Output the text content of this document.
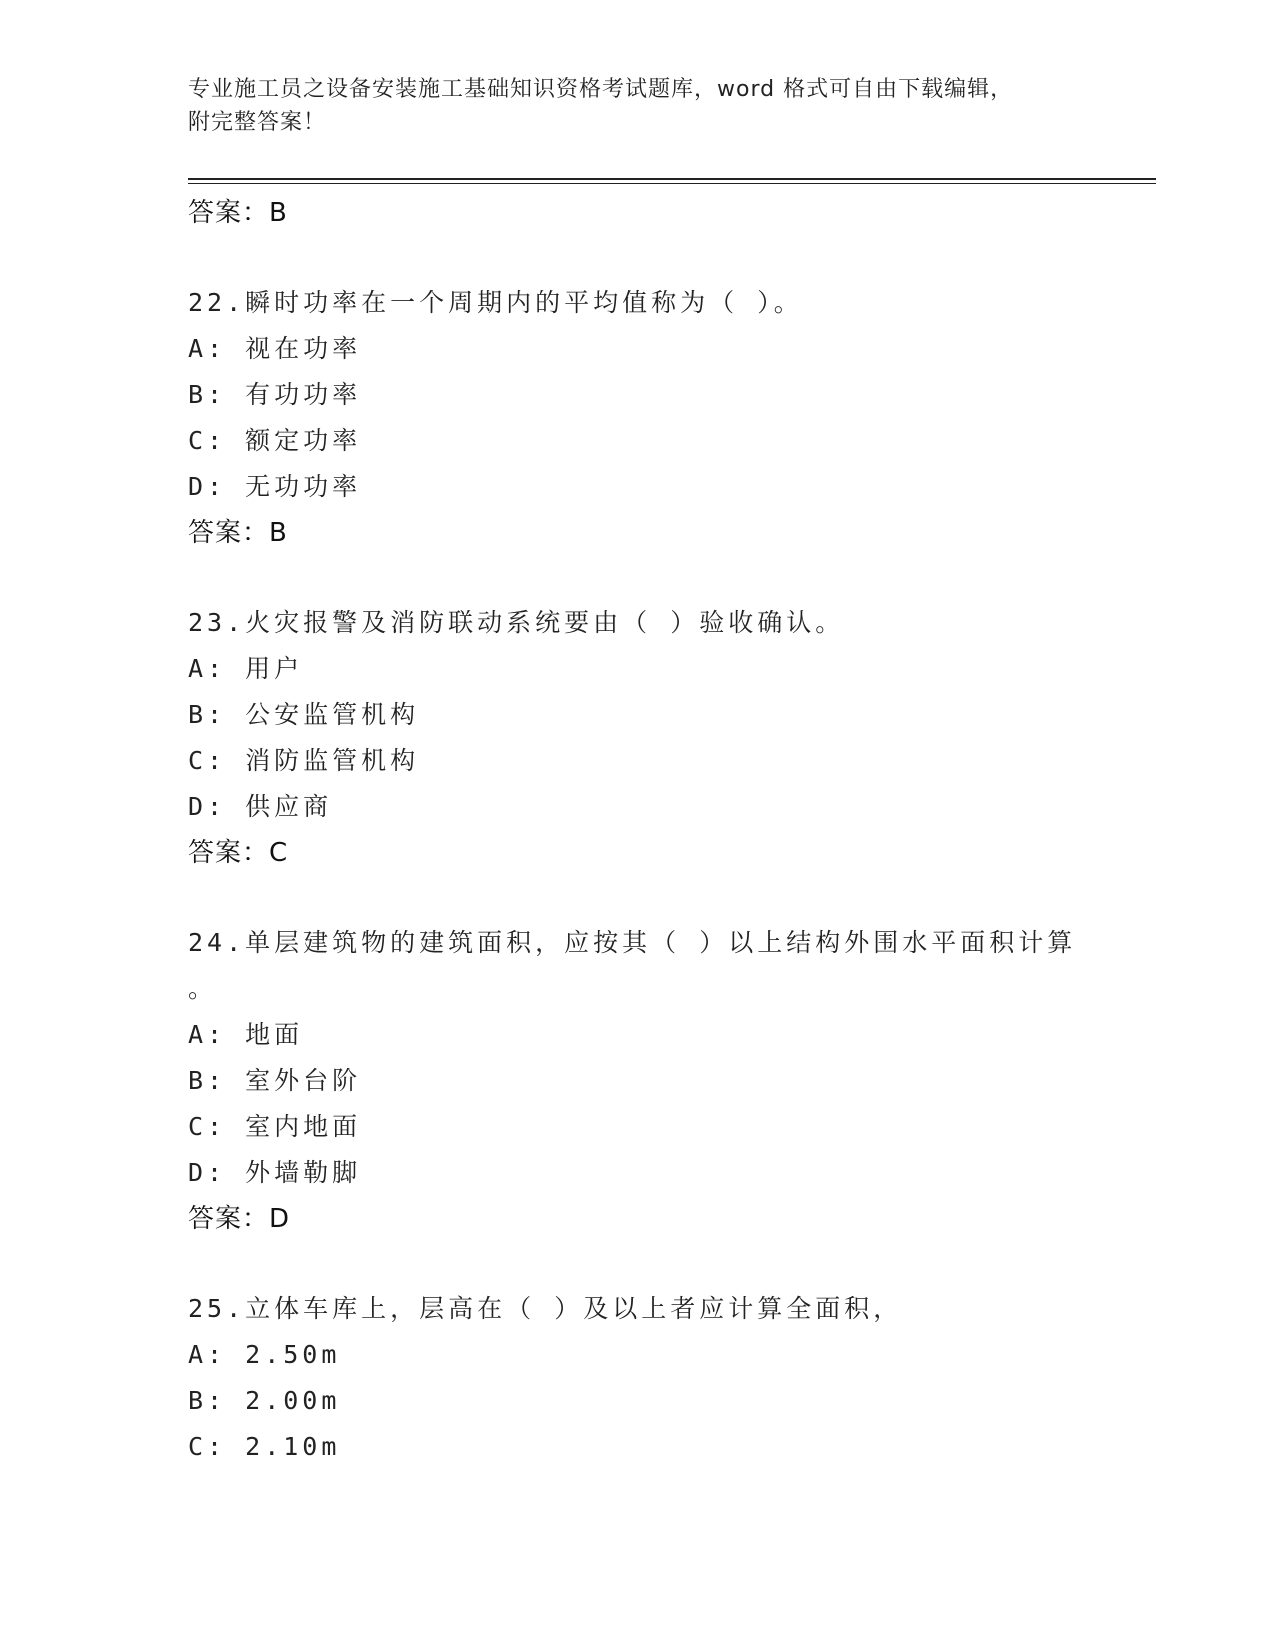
专业施工员之设备安装施工基础知识资格考试题库，word 格式可自由下载编辑，
附完整答案！
答案：B
22.瞬时功率在一个周期内的平均值称为（ ）。
A: 视在功率
B: 有功功率
C: 额定功率
D: 无功功率
答案：B
23.火灾报警及消防联动系统要由（ ）验收确认。
A: 用户
B: 公安监管机构
C: 消防监管机构
D: 供应商
答案：C
24.单层建筑物的建筑面积，应按其（ ）以上结构外围水平面积计算
。
A: 地面
B: 室外台阶
C: 室内地面
D: 外墙勒脚
答案：D
25.立体车库上，层高在（ ）及以上者应计算全面积，
A: 2.50m
B: 2.00m
C: 2.10m
